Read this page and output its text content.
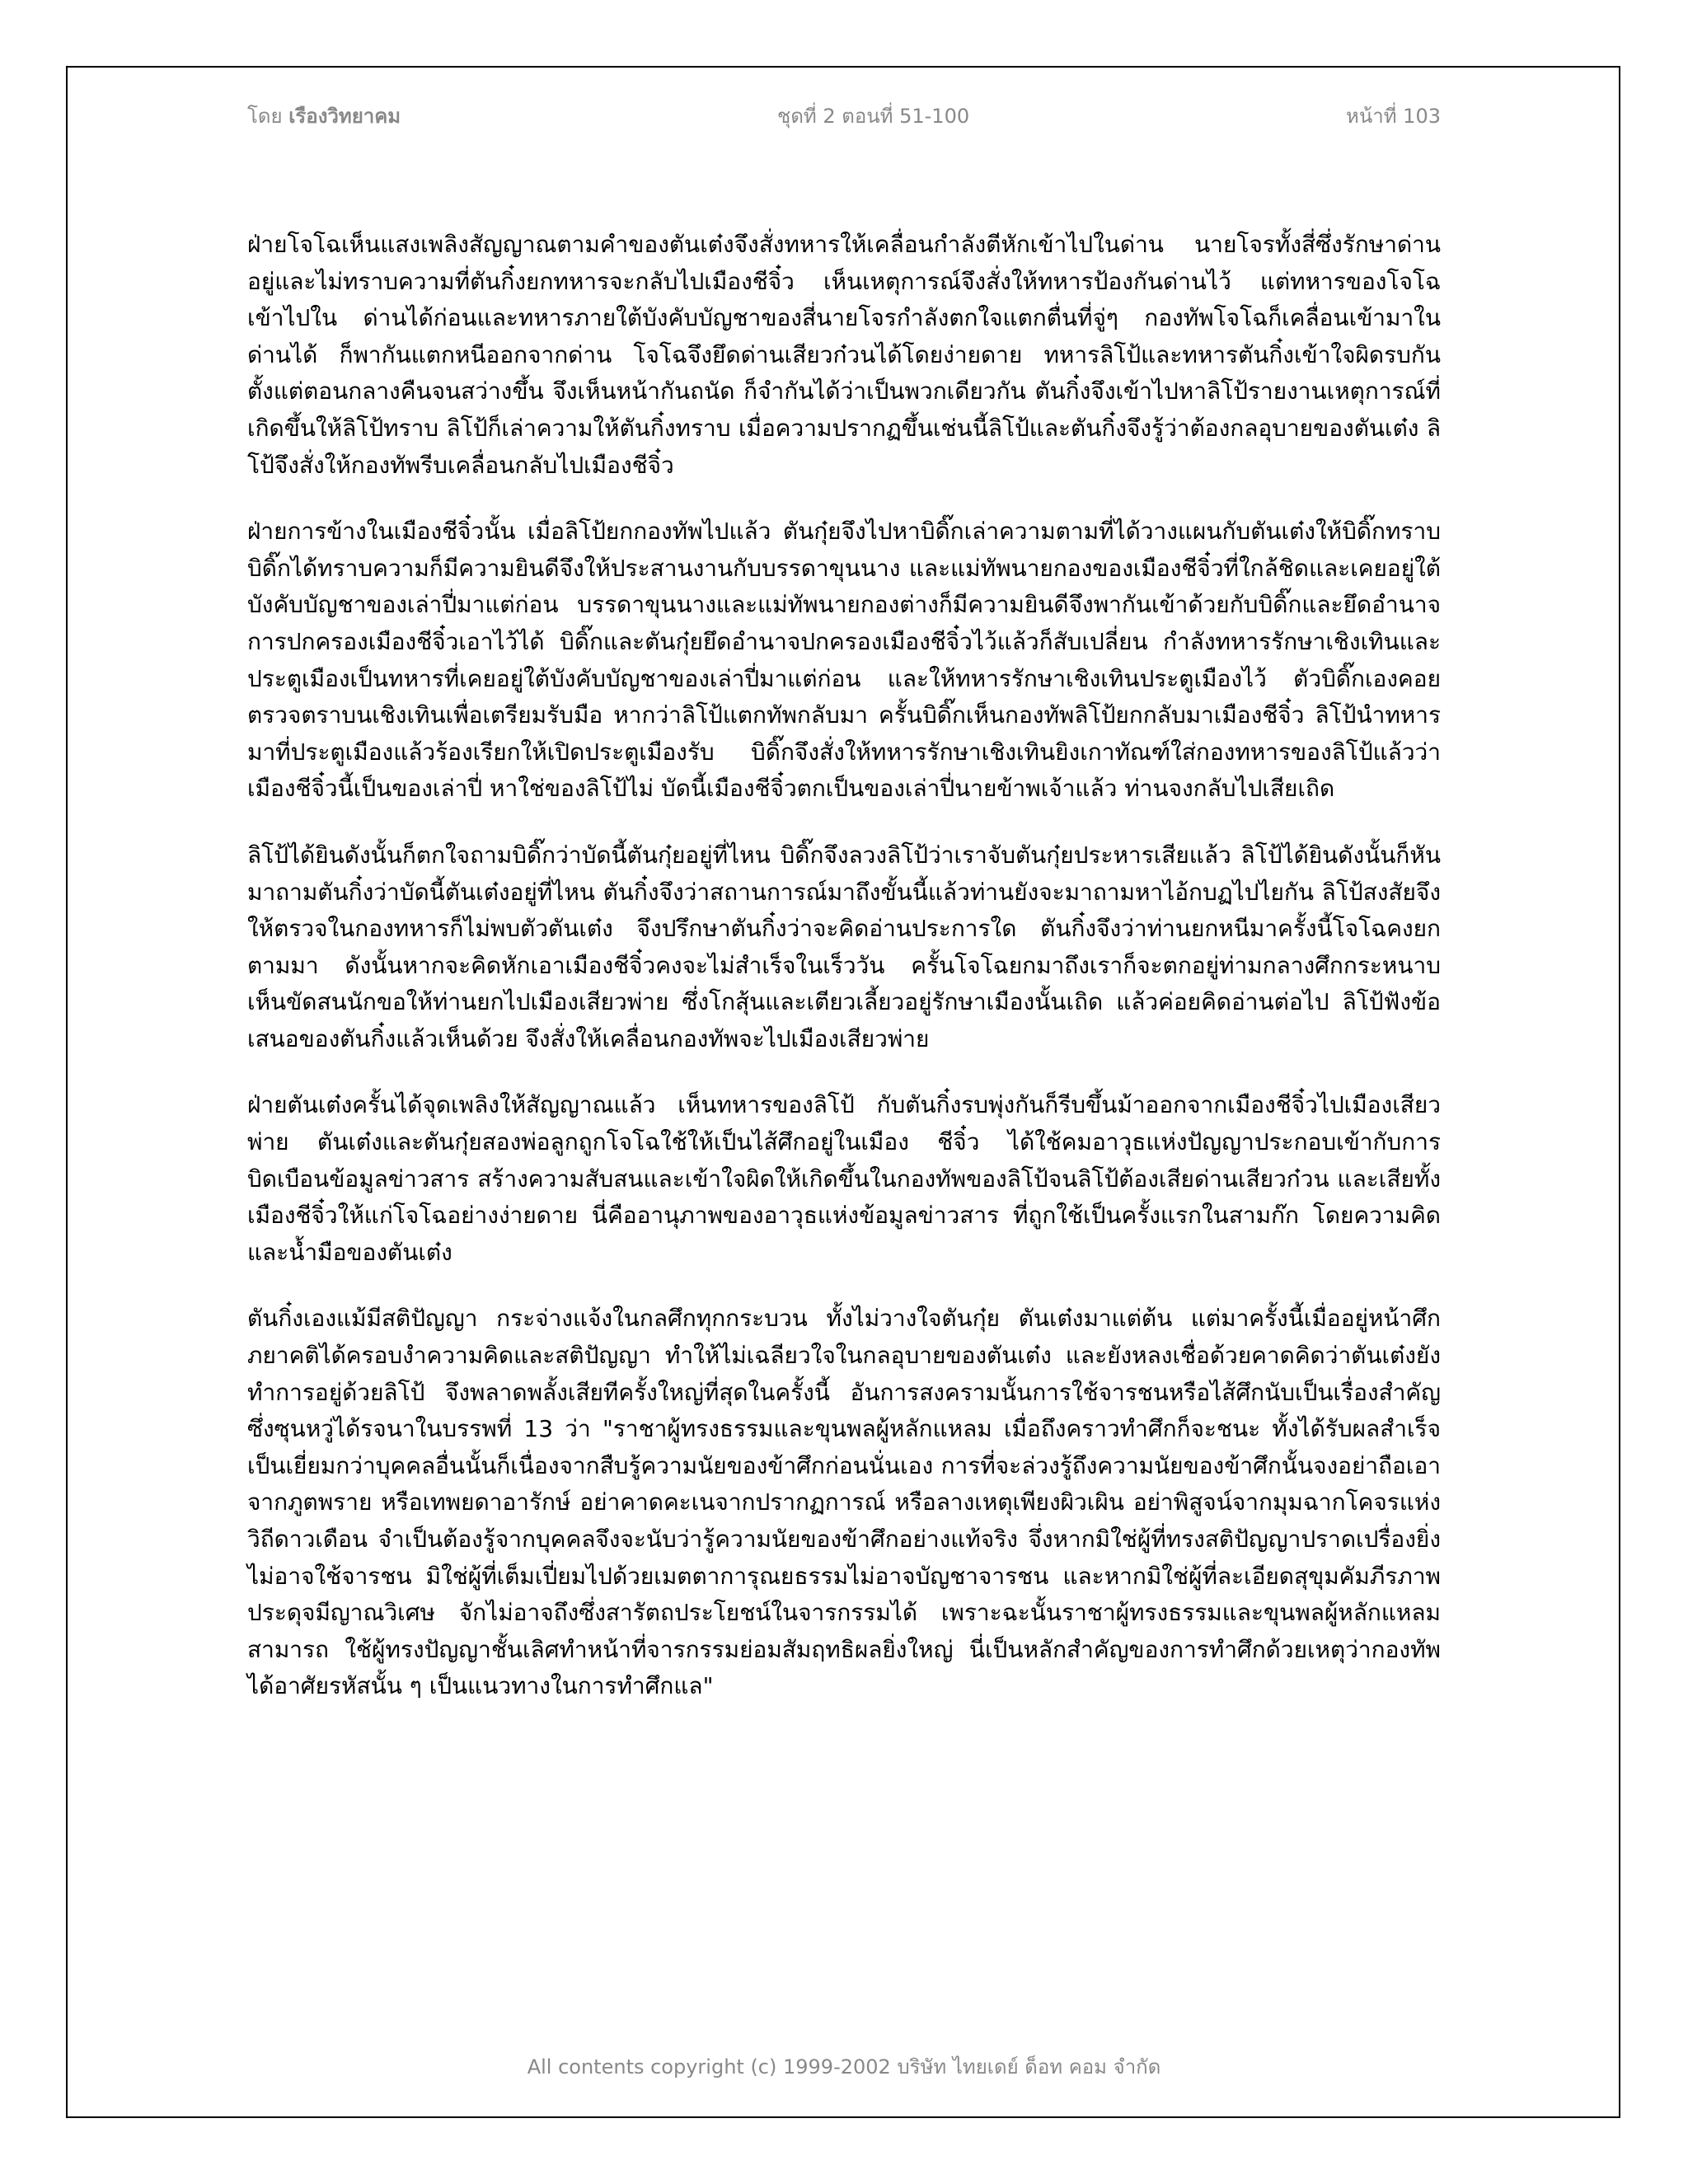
โดย เรืองวิทยาคม	ชุดที่ 2 ตอนที่ 51-100	หน้าที่ 103

ฝ่ายโจโฉเห็นแสงเพลิงสัญญาณตามคำของตันเต๋งจึงสั่งทหารให้เคลื่อนกำลังตีหักเข้าไปในด่าน นายโจรทั้งสี่ซึ่งรักษาด่านอยู่และไม่ทราบความที่ตันกิ๋งยกทหารจะกลับไปเมืองชีจิ๋ว เห็นเหตุการณ์จึงสั่งให้ทหารป้องกันด่านไว้ แต่ทหารของโจโฉเข้าไปใน ด่านได้ก่อนและทหารภายใต้บังคับบัญชาของสี่นายโจรกำลังตกใจแตกตื่นที่จู่ๆ กองทัพโจโฉก็เคลื่อนเข้ามาในด่านได้ ก็พากันแตกหนีออกจากด่าน โจโฉจึงยึดด่านเสียวก๋วนได้โดยง่ายดาย ทหารลิโป้และทหารตันกิ๋งเข้าใจผิดรบกันตั้งแต่ตอนกลางคืนจนสว่างขึ้น จึงเห็นหน้ากันถนัด ก็จำกันได้ว่าเป็นพวกเดียวกัน ตันกิ๋งจึงเข้าไปหาลิโป้รายงานเหตุการณ์ที่เกิดขึ้นให้ลิโป้ทราบ ลิโป้ก็เล่าความให้ตันกิ๋งทราบ เมื่อความปรากฏขึ้นเช่นนี้ลิโป้และตันกิ๋งจึงรู้ว่าต้องกลอุบายของตันเต๋ง ลิโป้จึงสั่งให้กองทัพรีบเคลื่อนกลับไปเมืองชีจิ๋ว

ฝ่ายการข้างในเมืองชีจิ๋วนั้น เมื่อลิโป้ยกกองทัพไปแล้ว ตันกุ๋ยจึงไปหาบิดิ๊กเล่าความตามที่ได้วางแผนกับตันเต๋งให้บิดิ๊กทราบ บิดิ๊กได้ทราบความก็มีความยินดีจึงให้ประสานงานกับบรรดาขุนนาง และแม่ทัพนายกองของเมืองชีจิ๋วที่ใกล้ชิดและเคยอยู่ใต้บังคับบัญชาของเล่าปี่มาแต่ก่อน บรรดาขุนนางและแม่ทัพนายกองต่างก็มีความยินดีจึงพากันเข้าด้วยกับบิดิ๊กและยึดอำนาจการปกครองเมืองชีจิ๋วเอาไว้ได้ บิดิ๊กและตันกุ๋ยยึดอำนาจปกครองเมืองชีจิ๋วไว้แล้วก็สับเปลี่ยน กำลังทหารรักษาเชิงเทินและประตูเมืองเป็นทหารที่เคยอยู่ใต้บังคับบัญชาของเล่าปี่มาแต่ก่อน และให้ทหารรักษาเชิงเทินประตูเมืองไว้ ตัวบิดิ๊กเองคอยตรวจตราบนเชิงเทินเพื่อเตรียมรับมือ หากว่าลิโป้แตกทัพกลับมา ครั้นบิดิ๊กเห็นกองทัพลิโป้ยกกลับมาเมืองชีจิ๋ว ลิโป้นำทหารมาที่ประตูเมืองแล้วร้องเรียกให้เปิดประตูเมืองรับ บิดิ๊กจึงสั่งให้ทหารรักษาเชิงเทินยิงเกาทัณฑ์ใส่กองทหารของลิโป้แล้วว่าเมืองชีจิ๋วนี้เป็นของเล่าปี่ หาใช่ของลิโป้ไม่ บัดนี้เมืองชีจิ๋วตกเป็นของเล่าปี่นายข้าพเจ้าแล้ว ท่านจงกลับไปเสียเถิด

ลิโป้ได้ยินดังนั้นก็ตกใจถามบิดิ๊กว่าบัดนี้ตันกุ๋ยอยู่ที่ไหน บิดิ๊กจึงลวงลิโป้ว่าเราจับตันกุ๋ยประหารเสียแล้ว ลิโป้ได้ยินดังนั้นก็หันมาถามตันกิ๋งว่าบัดนี้ตันเต๋งอยู่ที่ไหน ตันกิ๋งจึงว่าสถานการณ์มาถึงขั้นนี้แล้วท่านยังจะมาถามหาไอ้กบฏไปไยกัน ลิโป้สงสัยจึงให้ตรวจในกองทหารก็ไม่พบตัวตันเต๋ง จึงปรึกษาตันกิ๋งว่าจะคิดอ่านประการใด ตันกิ๋งจึงว่าท่านยกหนีมาครั้งนี้โจโฉคงยกตามมา ดังนั้นหากจะคิดหักเอาเมืองชีจิ๋วคงจะไม่สำเร็จในเร็ววัน ครั้นโจโฉยกมาถึงเราก็จะตกอยู่ท่ามกลางศึกกระหนาบ เห็นขัดสนนักขอให้ท่านยกไปเมืองเสียวพ่าย ซึ่งโกสุ้นและเตียวเลี้ยวอยู่รักษาเมืองนั้นเถิด แล้วค่อยคิดอ่านต่อไป ลิโป้ฟังข้อเสนอของตันกิ๋งแล้วเห็นด้วย จึงสั่งให้เคลื่อนกองทัพจะไปเมืองเสียวพ่าย

ฝ่ายตันเต๋งครั้นได้จุดเพลิงให้สัญญาณแล้ว เห็นทหารของลิโป้ กับตันกิ๋งรบพุ่งกันก็รีบขึ้นม้าออกจากเมืองชีจิ๋วไปเมืองเสียวพ่าย ตันเต๋งและตันกุ๋ยสองพ่อลูกถูกโจโฉใช้ให้เป็นไส้ศึกอยู่ในเมือง ชีจิ๋ว ได้ใช้คมอาวุธแห่งปัญญาประกอบเข้ากับการบิดเบือนข้อมูลข่าวสาร สร้างความสับสนและเข้าใจผิดให้เกิดขึ้นในกองทัพของลิโป้จนลิโป้ต้องเสียด่านเสียวก๋วน และเสียทั้งเมืองชีจิ๋วให้แก่โจโฉอย่างง่ายดาย นี่คืออานุภาพของอาวุธแห่งข้อมูลข่าวสาร ที่ถูกใช้เป็นครั้งแรกในสามก๊ก โดยความคิดและน้ำมือของตันเต๋ง

ตันกิ๋งเองแม้มีสติปัญญา กระจ่างแจ้งในกลศึกทุกกระบวน ทั้งไม่วางใจตันกุ๋ย ตันเต๋งมาแต่ต้น แต่มาครั้งนี้เมื่ออยู่หน้าศึกภยาคติได้ครอบงำความคิดและสติปัญญา ทำให้ไม่เฉลียวใจในกลอุบายของตันเต๋ง และยังหลงเชื่อด้วยคาดคิดว่าตันเต๋งยังทำการอยู่ด้วยลิโป้ จึงพลาดพลั้งเสียทีครั้งใหญ่ที่สุดในครั้งนี้ อันการสงครามนั้นการใช้จารชนหรือไส้ศึกนับเป็นเรื่องสำคัญซึ่งซุนหวู่ได้รจนาในบรรพที่ 13 ว่า "ราชาผู้ทรงธรรมและขุนพลผู้หลักแหลม เมื่อถึงคราวทำศึกก็จะชนะ ทั้งได้รับผลสำเร็จเป็นเยี่ยมกว่าบุคคลอื่นนั้นก็เนื่องจากสืบรู้ความนัยของข้าศึกก่อนนั่นเอง การที่จะล่วงรู้ถึงความนัยของข้าศึกนั้นจงอย่าถือเอาจากภูตพราย หรือเทพยดาอารักษ์ อย่าคาดคะเนจากปรากฏการณ์ หรือลางเหตุเพียงผิวเผิน อย่าพิสูจน์จากมุมฉากโคจรแห่งวิถีดาวเดือน จำเป็นต้องรู้จากบุคคลจึงจะนับว่ารู้ความนัยของข้าศึกอย่างแท้จริง จึ่งหากมิใช่ผู้ที่ทรงสติปัญญาปราดเปรื่องยิ่ง ไม่อาจใช้จารชน มิใช่ผู้ที่เต็มเปี่ยมไปด้วยเมตตาการุณยธรรมไม่อาจบัญชาจารชน และหากมิใช่ผู้ที่ละเอียดสุขุมคัมภีรภาพประดุจมีญาณวิเศษ จักไม่อาจถึงซึ่งสารัตถประโยชน์ในจารกรรมได้ เพราะฉะนั้นราชาผู้ทรงธรรมและขุนพลผู้หลักแหลมสามารถ ใช้ผู้ทรงปัญญาชั้นเลิศทำหน้าที่จารกรรมย่อมสัมฤทธิผลยิ่งใหญ่ นี่เป็นหลักสำคัญของการทำศึกด้วยเหตุว่ากองทัพได้อาศัยรหัสนั้น ๆ เป็นแนวทางในการทำศึกแล"

All contents copyright (c) 1999-2002 บริษัท ไทยเดย์ ด็อท คอม จำกัด
